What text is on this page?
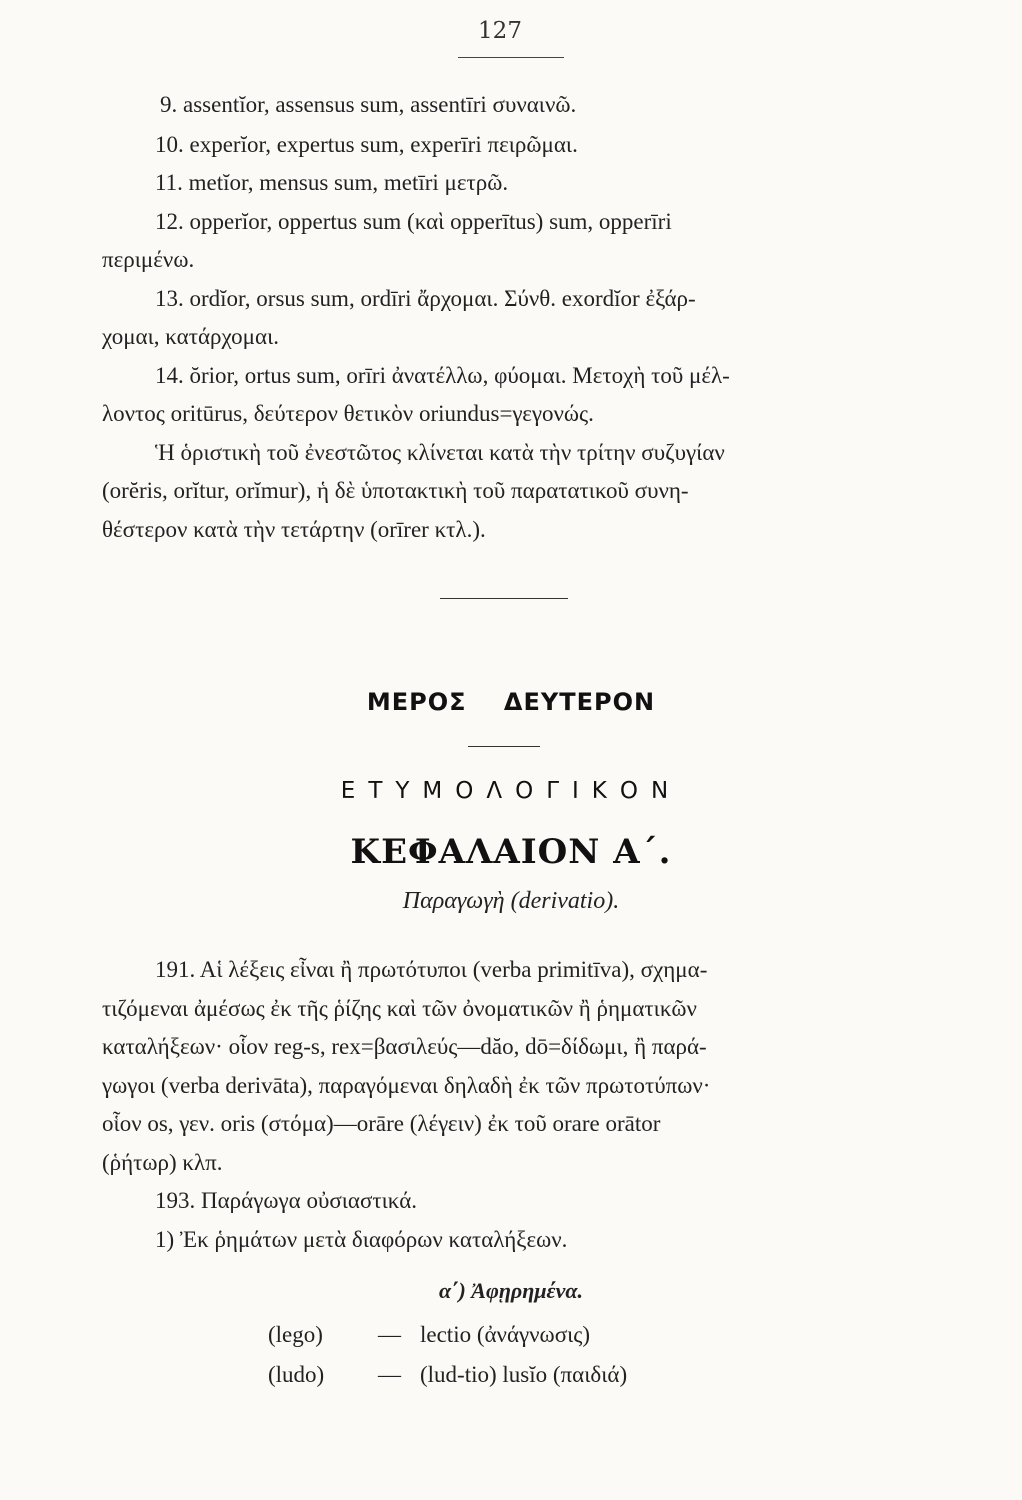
127
9. assentĭor, assensus sum, assentīri συναινῶ.
10. experĭor, expertus sum, experīri πειρῶμαι.
11. metĭor, mensus sum, metīri μετρῶ.
12. opperĭor, oppertus sum (καὶ opperītus) sum, opperīri
περιμένω.
13. ordĭor, orsus sum, ordīri ἄρχομαι. Σύνθ. exordĭor ἐξάρ-
χομαι, κατάρχομαι.
14. ŏrior, ortus sum, orīri ἀνατέλλω, φύομαι. Μετοχὴ τοῦ μέλ-
λοντος oritūrus, δεύτερον θετικὸν oriundus=γεγονώς.
Ἡ ὁριστικὴ τοῦ ἐνεστῶτος κλίνεται κατὰ τὴν τρίτην συζυγίαν
(orĕris, orĭtur, orĭmur), ἡ δὲ ὑποτακτικὴ τοῦ παρατατικοῦ συνη-
θέστερον κατὰ τὴν τετάρτην (orīrer κτλ.).
ΜΕΡΟΣ ΔΕΥΤΕΡΟΝ
ΕΤΥΜΟΛΟΓΙΚΟΝ
ΚΕΦΑΛΑΙΟΝ Α΄.
Παραγωγὴ (derivatio).
191. Αἱ λέξεις εἶναι ἢ πρωτότυποι (verba primitīva), σχημα-
τιζόμεναι ἀμέσως ἐκ τῆς ῥίζης καὶ τῶν ὀνοματικῶν ἢ ῥηματικῶν
καταλήξεων· οἷον reg-s, rex=βασιλεύς—dăo, dō=δίδωμι, ἢ παρά-
γωγοι (verba derivāta), παραγόμεναι δηλαδὴ ἐκ τῶν πρωτοτύπων·
οἷον os, γεν. oris (στόμα)—orāre (λέγειν) ἐκ τοῦ orare orātor
(ῥήτωρ) κλπ.
193. Παράγωγα οὐσιαστικά.
1) Ἐκ ῥημάτων μετὰ διαφόρων καταλήξεων.
α΄) Ἀφῃρημένα.
(lego) — lectio (ἀνάγνωσις)
(ludo) — (lud-tio) lusĭo (παιδιά)
